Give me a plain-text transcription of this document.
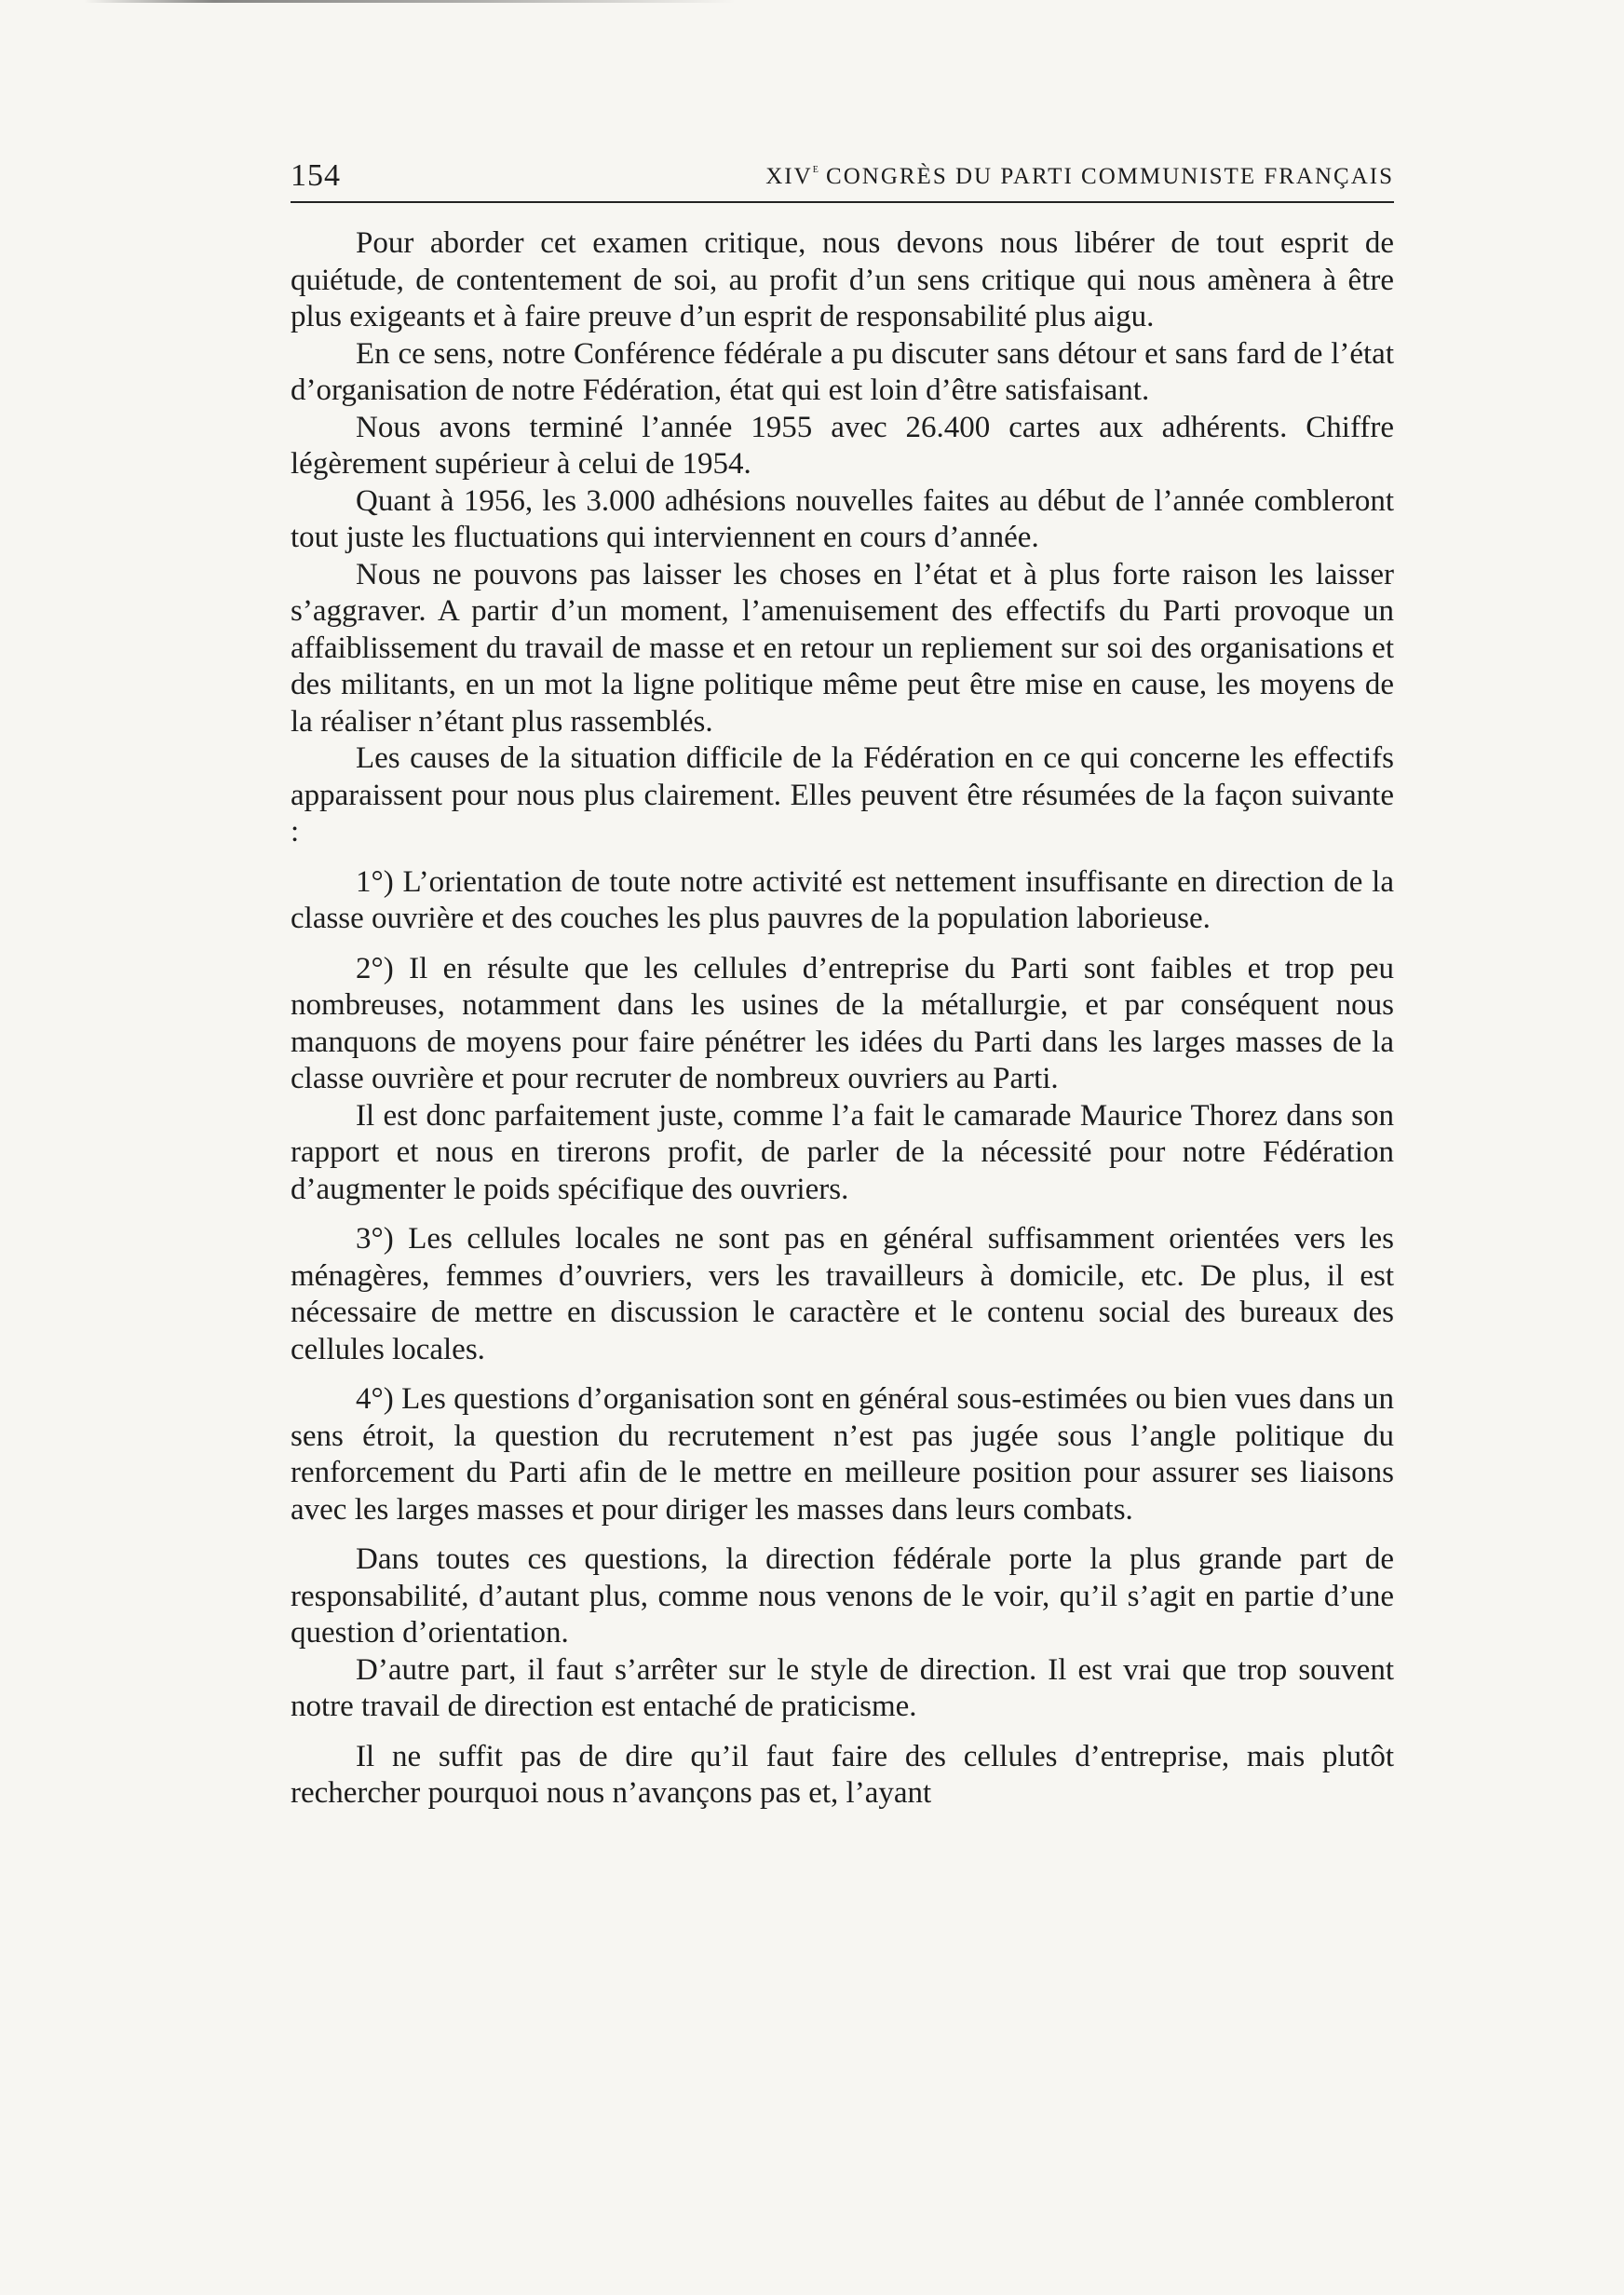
154	XIVe CONGRÈS DU PARTI COMMUNISTE FRANÇAIS

Pour aborder cet examen critique, nous devons nous libérer de tout esprit de quiétude, de contentement de soi, au profit d’un sens critique qui nous amènera à être plus exigeants et à faire preuve d’un esprit de responsabilité plus aigu.

En ce sens, notre Conférence fédérale a pu discuter sans détour et sans fard de l’état d’organisation de notre Fédération, état qui est loin d’être satisfaisant.

Nous avons terminé l’année 1955 avec 26.400 cartes aux adhérents. Chiffre légèrement supérieur à celui de 1954.

Quant à 1956, les 3.000 adhésions nouvelles faites au début de l’année combleront tout juste les fluctuations qui interviennent en cours d’année.

Nous ne pouvons pas laisser les choses en l’état et à plus forte raison les laisser s’aggraver. A partir d’un moment, l’amenuisement des effectifs du Parti provoque un affaiblissement du travail de masse et en retour un repliement sur soi des organisations et des militants, en un mot la ligne politique même peut être mise en cause, les moyens de la réaliser n’étant plus rassemblés.

Les causes de la situation difficile de la Fédération en ce qui concerne les effectifs apparaissent pour nous plus clairement. Elles peuvent être résumées de la façon suivante :

1°) L’orientation de toute notre activité est nettement insuffisante en direction de la classe ouvrière et des couches les plus pauvres de la population laborieuse.

2°) Il en résulte que les cellules d’entreprise du Parti sont faibles et trop peu nombreuses, notamment dans les usines de la métallurgie, et par conséquent nous manquons de moyens pour faire pénétrer les idées du Parti dans les larges masses de la classe ouvrière et pour recruter de nombreux ouvriers au Parti.

Il est donc parfaitement juste, comme l’a fait le camarade Maurice Thorez dans son rapport et nous en tirerons profit, de parler de la nécessité pour notre Fédération d’augmenter le poids spécifique des ouvriers.

3°) Les cellules locales ne sont pas en général suffisamment orientées vers les ménagères, femmes d’ouvriers, vers les travailleurs à domicile, etc. De plus, il est nécessaire de mettre en discussion le caractère et le contenu social des bureaux des cellules locales.

4°) Les questions d’organisation sont en général sous-estimées ou bien vues dans un sens étroit, la question du recrutement n’est pas jugée sous l’angle politique du renforcement du Parti afin de le mettre en meilleure position pour assurer ses liaisons avec les larges masses et pour diriger les masses dans leurs combats.

Dans toutes ces questions, la direction fédérale porte la plus grande part de responsabilité, d’autant plus, comme nous venons de le voir, qu’il s’agit en partie d’une question d’orientation.

D’autre part, il faut s’arrêter sur le style de direction. Il est vrai que trop souvent notre travail de direction est entaché de praticisme.

Il ne suffit pas de dire qu’il faut faire des cellules d’entreprise, mais plutôt rechercher pourquoi nous n’avançons pas et, l’ayant
